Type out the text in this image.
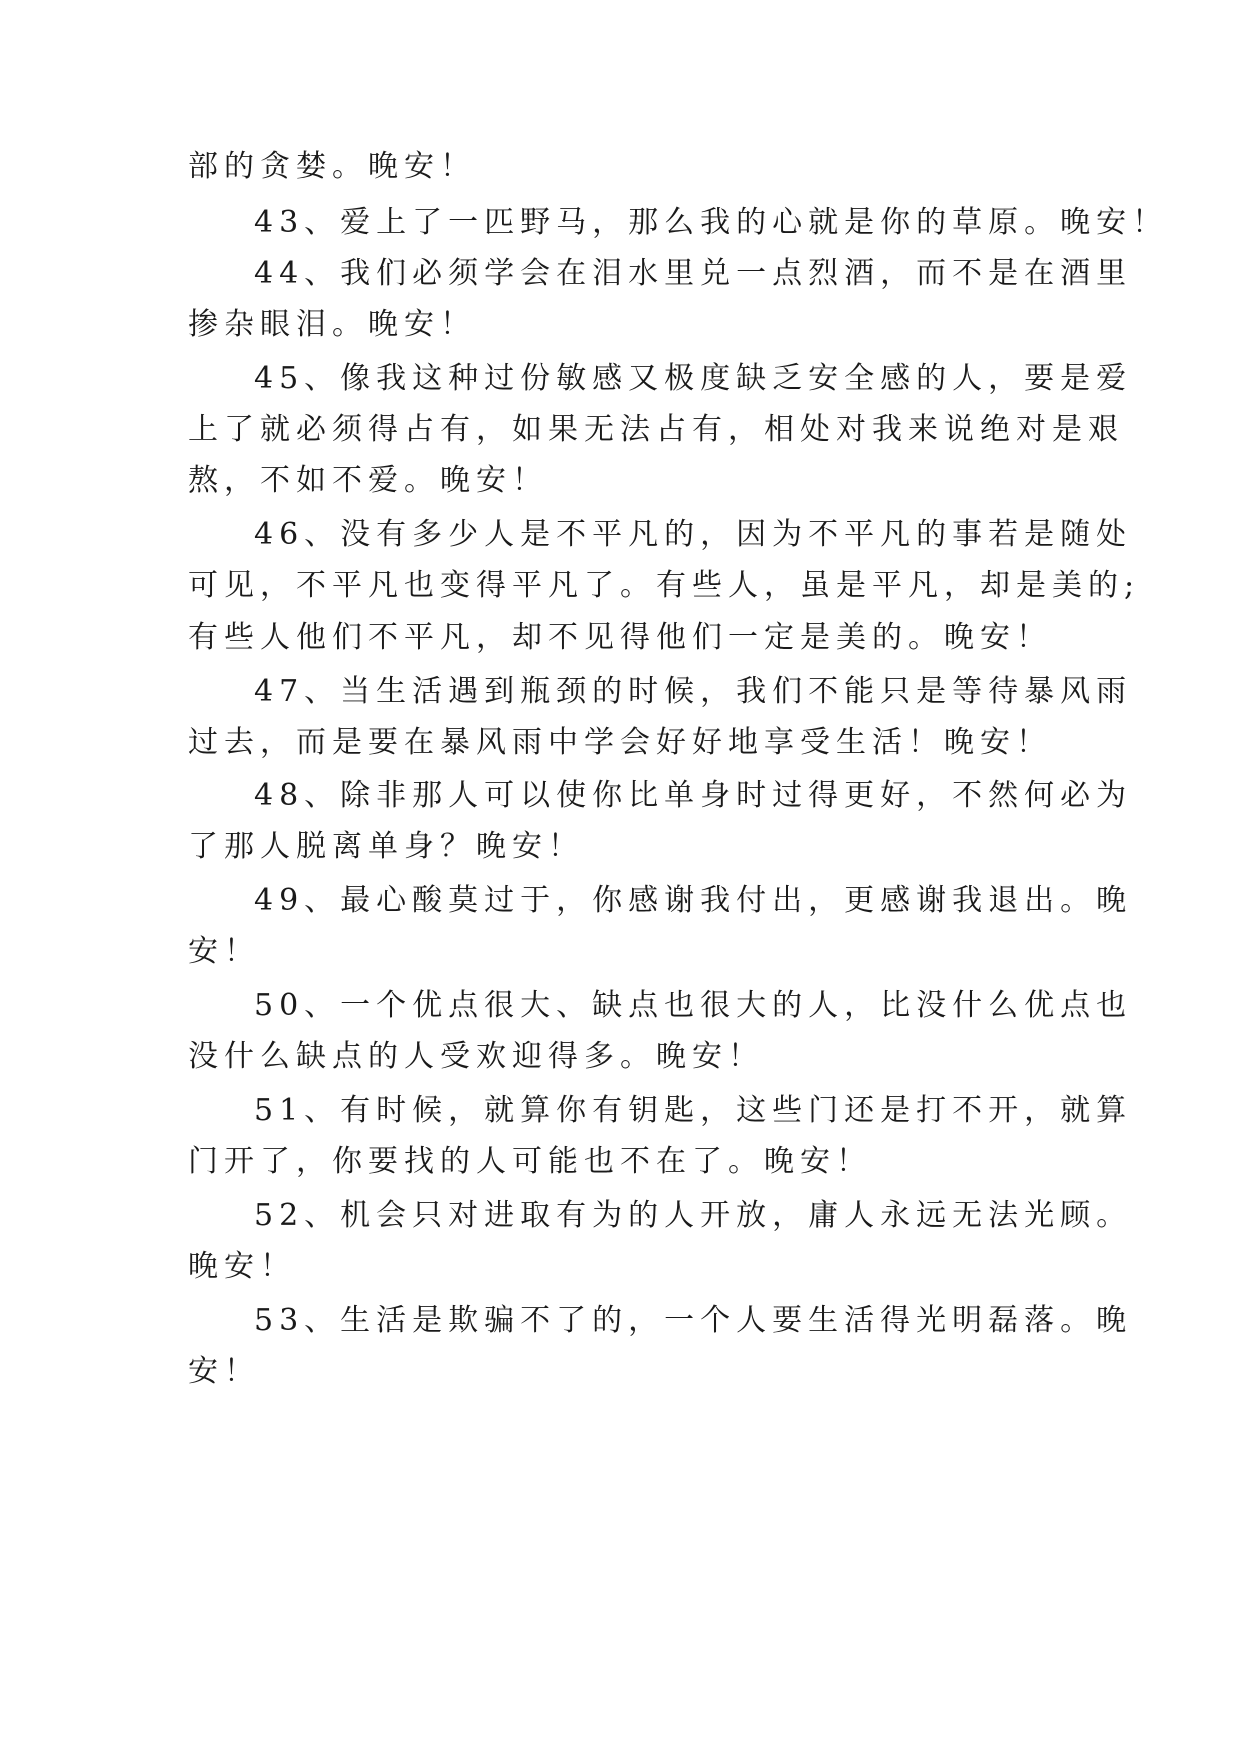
部的贪婪。晚安！
43、爱上了一匹野马，那么我的心就是你的草原。晚安！
44、我们必须学会在泪水里兑一点烈酒，而不是在酒里
掺杂眼泪。晚安！
45、像我这种过份敏感又极度缺乏安全感的人，要是爱
上了就必须得占有，如果无法占有，相处对我来说绝对是艰
熬，不如不爱。晚安！
46、没有多少人是不平凡的，因为不平凡的事若是随处
可见，不平凡也变得平凡了。有些人，虽是平凡，却是美的;
有些人他们不平凡，却不见得他们一定是美的。晚安！
47、当生活遇到瓶颈的时候，我们不能只是等待暴风雨
过去，而是要在暴风雨中学会好好地享受生活！晚安！
48、除非那人可以使你比单身时过得更好，不然何必为
了那人脱离单身？晚安！
49、最心酸莫过于，你感谢我付出，更感谢我退出。晚
安！
50、一个优点很大、缺点也很大的人，比没什么优点也
没什么缺点的人受欢迎得多。晚安！
51、有时候，就算你有钥匙，这些门还是打不开，就算
门开了，你要找的人可能也不在了。晚安！
52、机会只对进取有为的人开放，庸人永远无法光顾。
晚安！
53、生活是欺骗不了的，一个人要生活得光明磊落。晚
安！
